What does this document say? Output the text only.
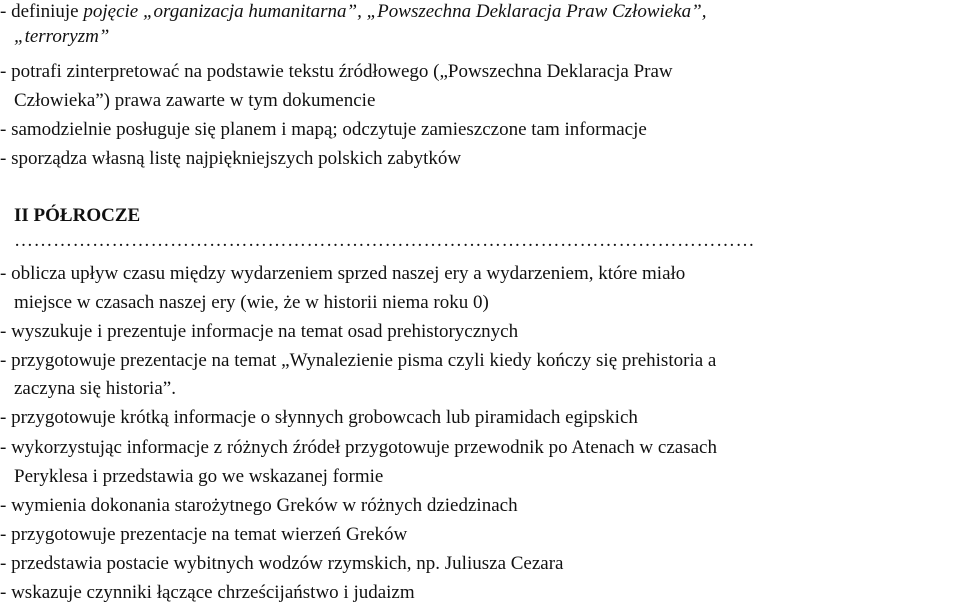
- definiuje pojęcie „organizacja humanitarna”, „Powszechna Deklaracja Praw Człowieka”,
„terroryzm”
- potrafi zinterpretować na podstawie tekstu źródłowego („Powszechna Deklaracja Praw
Człowieka”) prawa zawarte w tym dokumencie
- samodzielnie posługuje się planem i mapą; odczytuje zamieszczone tam informacje
- sporządza własną listę najpiękniejszych polskich zabytków
II PÓŁROCZE
……………………………………………………………………………………………………
- oblicza upływ czasu między wydarzeniem sprzed naszej ery a wydarzeniem, które miało
miejsce w czasach naszej ery (wie, że w historii niema roku 0)
- wyszukuje i prezentuje informacje na temat osad prehistorycznych
- przygotowuje prezentacje na temat „Wynalezienie pisma czyli kiedy kończy się prehistoria a
zaczyna się historia”.
- przygotowuje krótką informacje o słynnych grobowcach lub piramidach egipskich
- wykorzystując informacje z różnych źródeł przygotowuje przewodnik po Atenach w czasach
Peryklesa i przedstawia go we wskazanej formie
- wymienia dokonania starożytnego Greków w różnych dziedzinach
- przygotowuje prezentacje na temat wierzeń Greków
- przedstawia postacie wybitnych wodzów rzymskich, np. Juliusza Cezara
- wskazuje czynniki łączące chrześcijaństwo i judaizm
